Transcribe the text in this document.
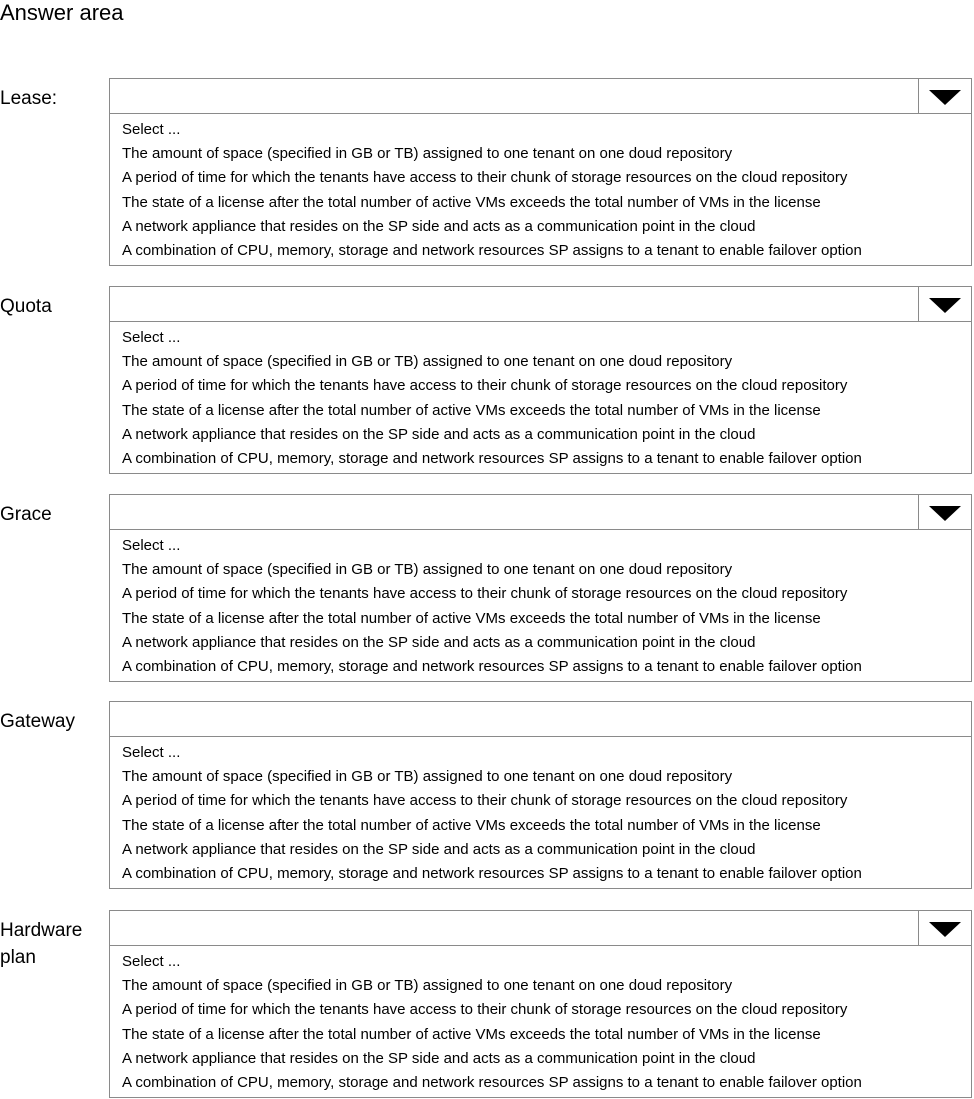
Answer area
Lease:
Select ...
The amount of space (specified in GB or TB) assigned to one tenant on one doud repository
A period of time for which the tenants have access to their chunk of storage resources on the cloud repository
The state of a license after the total number of active VMs exceeds the total number of VMs in the license
A network appliance that resides on the SP side and acts as a communication point in the cloud
A combination of CPU, memory, storage and network resources SP assigns to a tenant to enable failover option
Quota
Select ...
The amount of space (specified in GB or TB) assigned to one tenant on one doud repository
A period of time for which the tenants have access to their chunk of storage resources on the cloud repository
The state of a license after the total number of active VMs exceeds the total number of VMs in the license
A network appliance that resides on the SP side and acts as a communication point in the cloud
A combination of CPU, memory, storage and network resources SP assigns to a tenant to enable failover option
Grace
Select ...
The amount of space (specified in GB or TB) assigned to one tenant on one doud repository
A period of time for which the tenants have access to their chunk of storage resources on the cloud repository
The state of a license after the total number of active VMs exceeds the total number of VMs in the license
A network appliance that resides on the SP side and acts as a communication point in the cloud
A combination of CPU, memory, storage and network resources SP assigns to a tenant to enable failover option
Gateway
Select ...
The amount of space (specified in GB or TB) assigned to one tenant on one doud repository
A period of time for which the tenants have access to their chunk of storage resources on the cloud repository
The state of a license after the total number of active VMs exceeds the total number of VMs in the license
A network appliance that resides on the SP side and acts as a communication point in the cloud
A combination of CPU, memory, storage and network resources SP assigns to a tenant to enable failover option
Hardware
plan	Select ...
The amount of space (specified in GB or TB) assigned to one tenant on one doud repository
A period of time for which the tenants have access to their chunk of storage resources on the cloud repository
The state of a license after the total number of active VMs exceeds the total number of VMs in the license
A network appliance that resides on the SP side and acts as a communication point in the cloud
A combination of CPU, memory, storage and network resources SP assigns to a tenant to enable failover option
